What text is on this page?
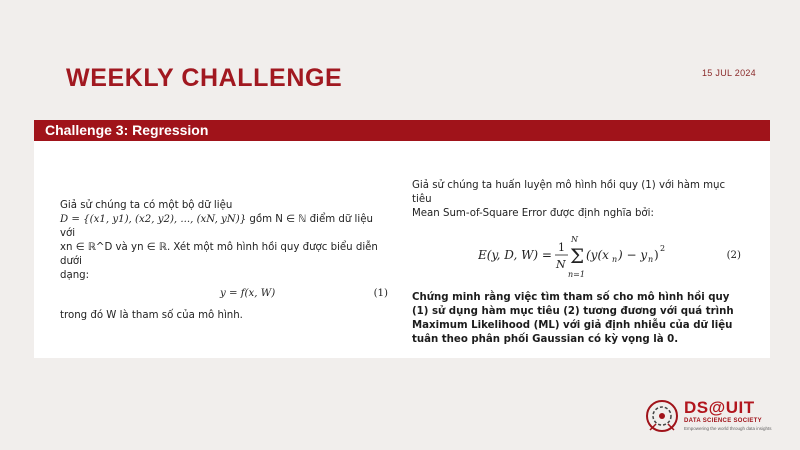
WEEKLY CHALLENGE	15 JUL 2024
Challenge 3: Regression
Giả sử chúng ta có một bộ dữ liệu
D = {(x1, y1), (x2, y2), ..., (xN, yN)} gồm N ∈ ℕ điểm dữ liệu với
xn ∈ ℝ^D và yn ∈ ℝ. Xét một mô hình hồi quy được biểu diễn dưới
dạng:
y = f(x, W)	(1)
trong đó W là tham số của mô hình.
Giả sử chúng ta huấn luyện mô hình hồi quy (1) với hàm mục tiêu
Mean Sum-of-Square Error được định nghĩa bởi:
E(y, D, W) =
1
N
N
Σ
n=1
(y(x n ) − y n ) 2
(2)
Chứng minh rằng việc tìm tham số cho mô hình hồi quy (1) sử dụng hàm mục tiêu (2) tương đương với quá trình Maximum Likelihood (ML) với giả định nhiễu của dữ liệu tuân theo phân phối Gaussian có kỳ vọng là 0.
DS@UIT
DATA SCIENCE SOCIETY
Empowering the world through data insights
